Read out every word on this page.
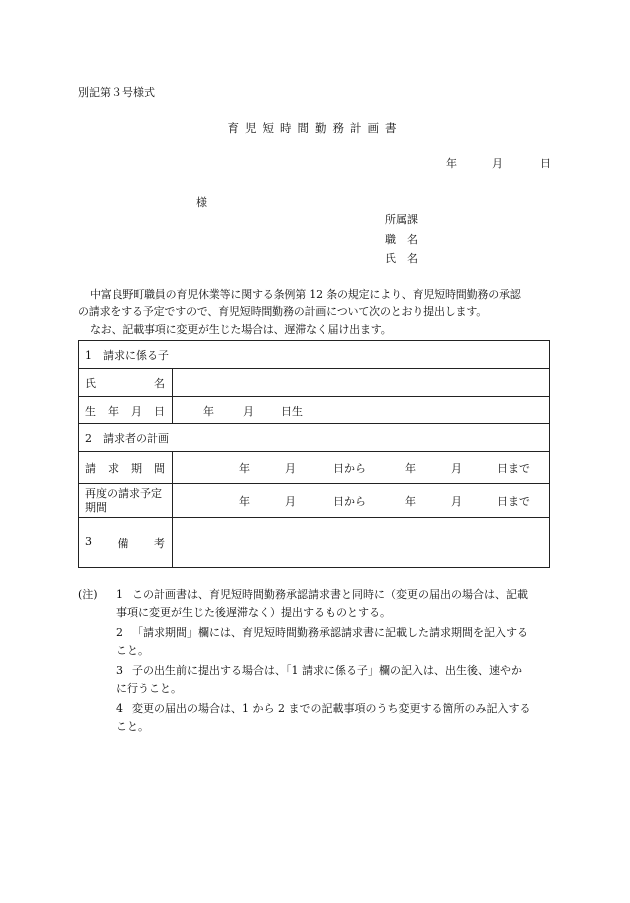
別記第３号様式
育児短時間勤務計画書
年	月	日
様
所属課
職　名
氏　名
中富良野町職員の育児休業等に関する条例第 12 条の規定により、育児短時間勤務の承認
の請求をする予定ですので、育児短時間勤務の計画について次のとおり提出します。
なお、記載事項に変更が生じた場合は、遅滞なく届け出ます。
1　請求に係る子
氏	名
生 年 月 日	年	月 日生
2　請求者の計画
請 求 期 間	年	月	日から	年	月	日まで
再度の請求予定
期間	年	月	日から	年	月	日まで
3 備 考
(注) 1 この計画書は、育児短時間勤務承認請求書と同時に（変更の届出の場合は、記載
事項に変更が生じた後遅滞なく）提出するものとする。
2 「請求期間」欄には、育児短時間勤務承認請求書に記載した請求期間を記入する
こと。
3 子の出生前に提出する場合は、「1 請求に係る子」欄の記入は、出生後、速やか
に行うこと。
4 変更の届出の場合は、1 から 2 までの記載事項のうち変更する箇所のみ記入する
こと。
